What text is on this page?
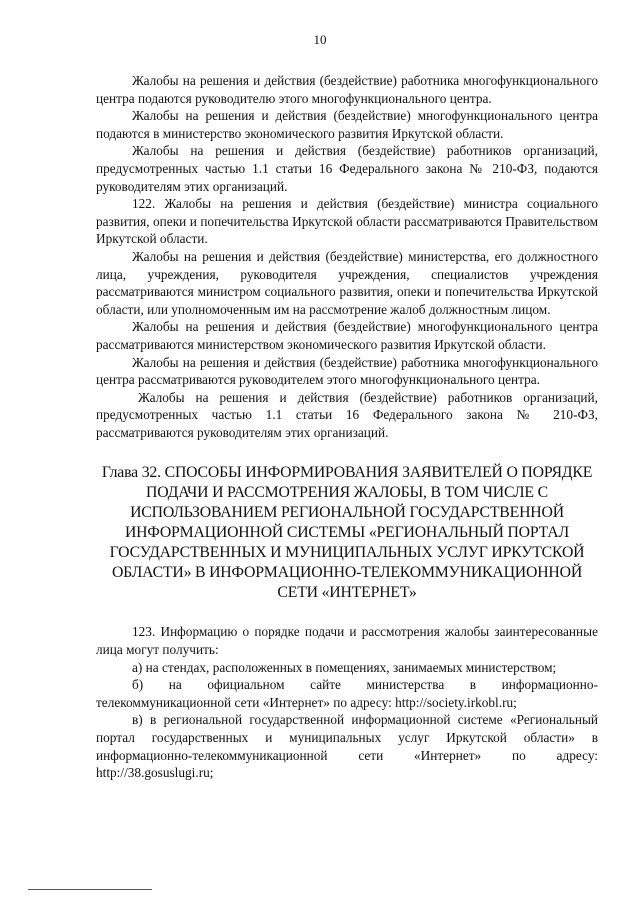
10

Жалобы на решения и действия (бездействие) работника многофункционального центра подаются руководителю этого многофункционального центра.

Жалобы на решения и действия (бездействие) многофункционального центра подаются в министерство экономического развития Иркутской области.

Жалобы на решения и действия (бездействие) работников организаций, предусмотренных частью 1.1 статьи 16 Федерального закона № 210-ФЗ, подаются руководителям этих организаций.

122. Жалобы на решения и действия (бездействие) министра социального развития, опеки и попечительства Иркутской области рассматриваются Правительством Иркутской области.

Жалобы на решения и действия (бездействие) министерства, его должностного лица, учреждения, руководителя учреждения, специалистов учреждения рассматриваются министром социального развития, опеки и попечительства Иркутской области, или уполномоченным им на рассмотрение жалоб должностным лицом.

Жалобы на решения и действия (бездействие) многофункционального центра рассматриваются министерством экономического развития Иркутской области.

Жалобы на решения и действия (бездействие) работника многофункционального центра рассматриваются руководителем этого многофункционального центра.

Жалобы на решения и действия (бездействие) работников организаций, предусмотренных частью 1.1 статьи 16 Федерального закона № 210-ФЗ, рассматриваются руководителям этих организаций.

Глава 32. СПОСОБЫ ИНФОРМИРОВАНИЯ ЗАЯВИТЕЛЕЙ О ПОРЯДКЕ ПОДАЧИ И РАССМОТРЕНИЯ ЖАЛОБЫ, В ТОМ ЧИСЛЕ С ИСПОЛЬЗОВАНИЕМ РЕГИОНАЛЬНОЙ ГОСУДАРСТВЕННОЙ ИНФОРМАЦИОННОЙ СИСТЕМЫ «РЕГИОНАЛЬНЫЙ ПОРТАЛ ГОСУДАРСТВЕННЫХ И МУНИЦИПАЛЬНЫХ УСЛУГ ИРКУТСКОЙ ОБЛАСТИ» В ИНФОРМАЦИОННО-ТЕЛЕКОММУНИКАЦИОННОЙ СЕТИ «ИНТЕРНЕТ»

123. Информацию о порядке подачи и рассмотрения жалобы заинтересованные лица могут получить:

а) на стендах, расположенных в помещениях, занимаемых министерством;

б) на официальном сайте министерства в информационно-телекоммуникационной сети «Интернет» по адресу: http://society.irkobl.ru;

в) в региональной государственной информационной системе «Региональный портал государственных и муниципальных услуг Иркутской области» в информационно-телекоммуникационной сети «Интернет» по адресу: http://38.gosuslugi.ru;
